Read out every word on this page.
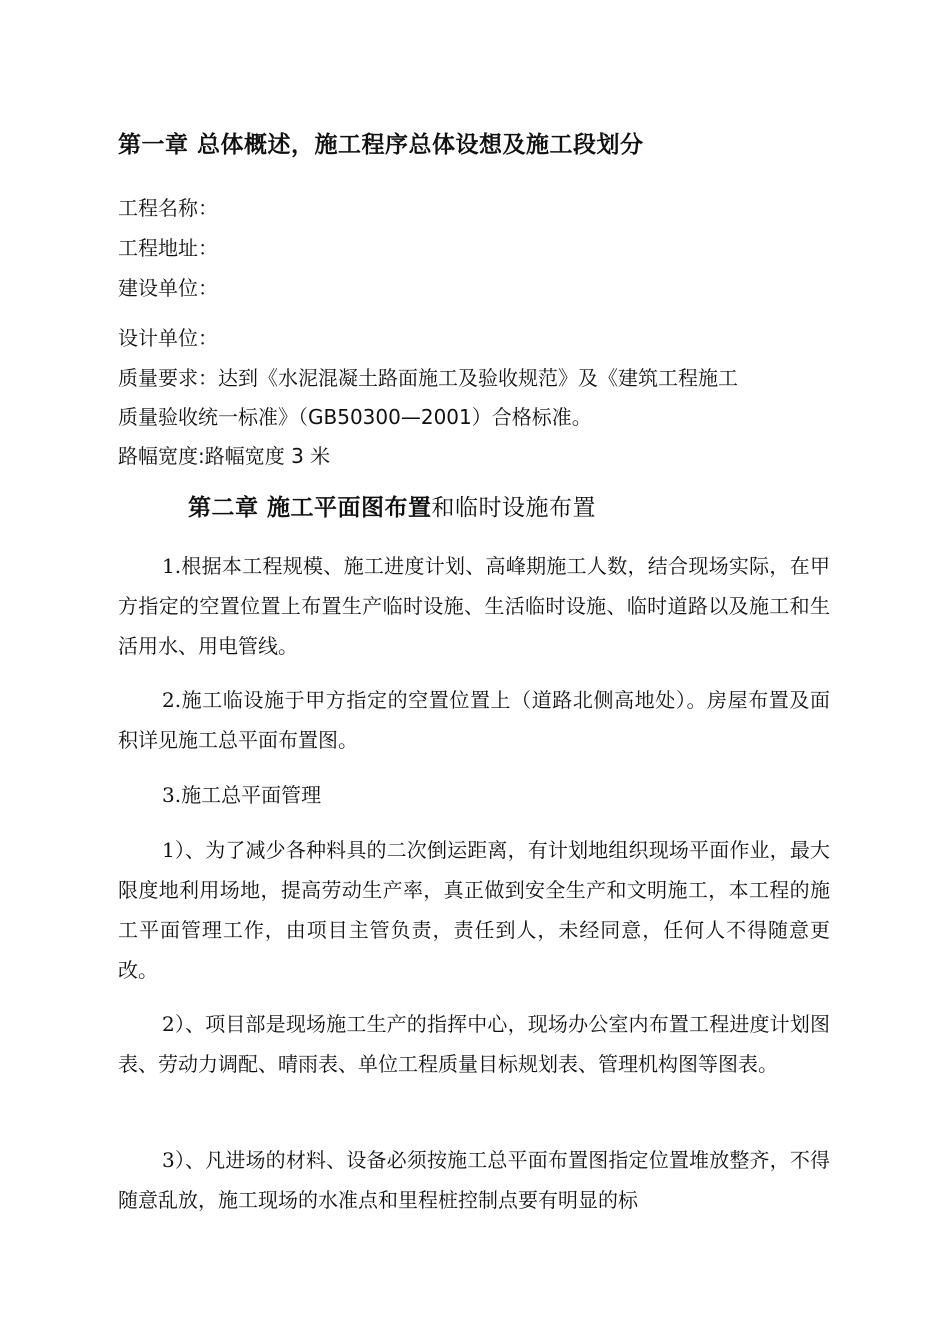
第一章 总体概述，施工程序总体设想及施工段划分
工程名称：
工程地址：
建设单位：
设计单位：
质量要求：达到《水泥混凝土路面施工及验收规范》及《建筑工程施工
质量验收统一标准》（GB50300—2001）合格标准。
路幅宽度:路幅宽度 3 米
第二章 施工平面图布置和临时设施布置
1.根据本工程规模、施工进度计划、高峰期施工人数，结合现场实际，在甲方指定的空置位置上布置生产临时设施、生活临时设施、临时道路以及施工和生活用水、用电管线。
2.施工临设施于甲方指定的空置位置上（道路北侧高地处）。房屋布置及面积详见施工总平面布置图。
3.施工总平面管理
1）、为了减少各种料具的二次倒运距离，有计划地组织现场平面作业，最大限度地利用场地，提高劳动生产率，真正做到安全生产和文明施工，本工程的施工平面管理工作，由项目主管负责，责任到人，未经同意，任何人不得随意更改。
2）、项目部是现场施工生产的指挥中心，现场办公室内布置工程进度计划图表、劳动力调配、晴雨表、单位工程质量目标规划表、管理机构图等图表。
3）、凡进场的材料、设备必须按施工总平面布置图指定位置堆放整齐，不得随意乱放，施工现场的水准点和里程桩控制点要有明显的标
